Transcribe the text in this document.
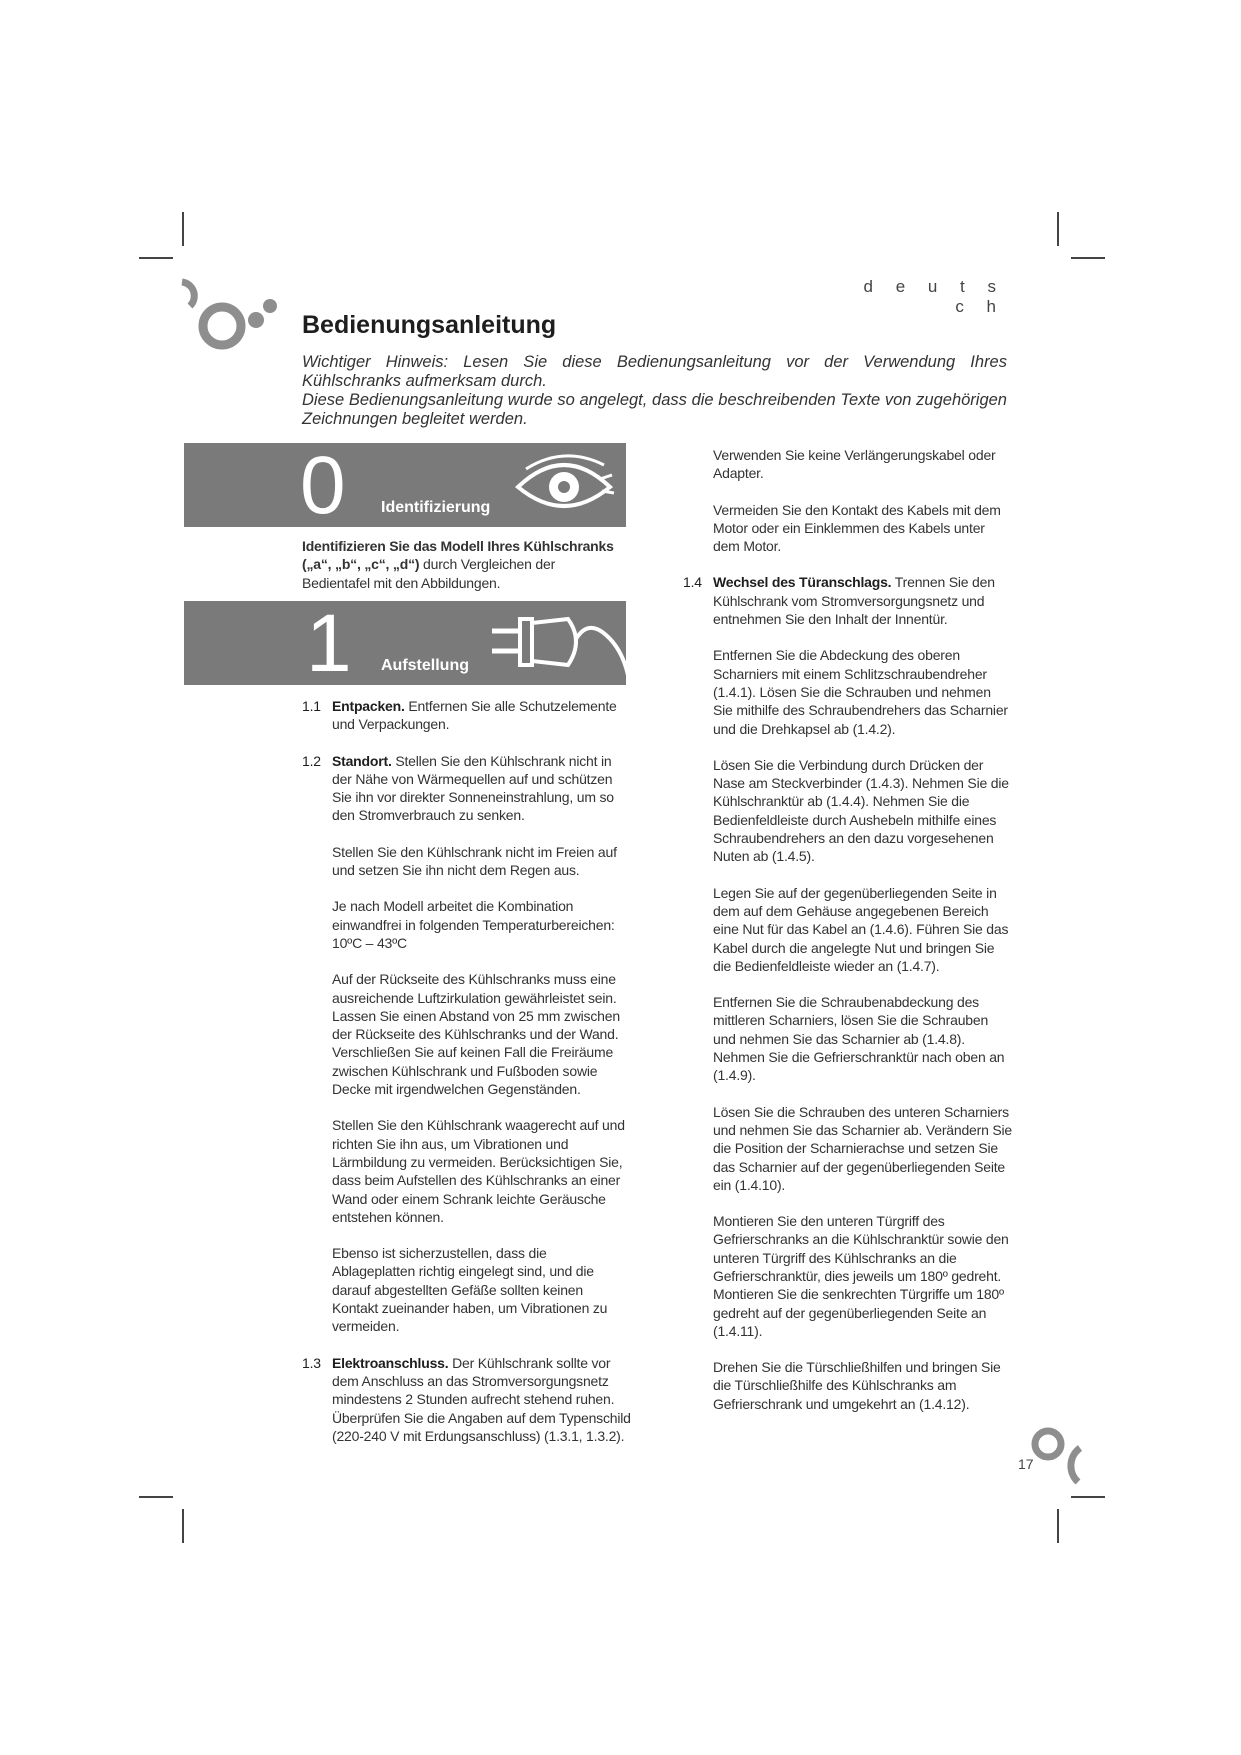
d e u t s c h
Bedienungsanleitung

Wichtiger Hinweis: Lesen Sie diese Bedienungsanleitung vor der Verwendung Ihres Kühlschranks aufmerksam durch.

Diese Bedienungsanleitung wurde so angelegt, dass die beschreibenden Texte von zugehörigen Zeichnungen begleitet werden.

0 Identifizierung

Identifizieren Sie das Modell Ihres Kühlschranks („a“, „b“, „c“, „d“) durch Vergleichen der Bedientafel mit den Abbildungen.

1 Aufstellung
1.1 Entpacken. Entfernen Sie alle Schutzelemente und Verpackungen.

1.2 Standort. Stellen Sie den Kühlschrank nicht in der Nähe von Wärmequellen auf und schützen Sie ihn vor direkter Sonneneinstrahlung, um so den Stromverbrauch zu senken.

Stellen Sie den Kühlschrank nicht im Freien auf und setzen Sie ihn nicht dem Regen aus.

Je nach Modell arbeitet die Kombination einwandfrei in folgenden Temperaturbereichen:

10ºC – 43ºC

Auf der Rückseite des Kühlschranks muss eine ausreichende Luftzirkulation gewährleistet sein. Lassen Sie einen Abstand von 25 mm zwischen der Rückseite des Kühlschranks und der Wand. Verschließen Sie auf keinen Fall die Freiräume zwischen Kühlschrank und Fußboden sowie Decke mit irgendwelchen Gegenständen.

Stellen Sie den Kühlschrank waagerecht auf und richten Sie ihn aus, um Vibrationen und Lärmbildung zu vermeiden. Berücksichtigen Sie, dass beim Aufstellen des Kühlschranks an einer Wand oder einem Schrank leichte Geräusche entstehen können.

Ebenso ist sicherzustellen, dass die Ablageplatten richtig eingelegt sind, und die darauf abgestellten Gefäße sollten keinen Kontakt zueinander haben, um Vibrationen zu vermeiden.

1.3 Elektroanschluss. Der Kühlschrank sollte vor dem Anschluss an das Stromversorgungsnetz mindestens 2 Stunden aufrecht stehend ruhen. Überprüfen Sie die Angaben auf dem Typenschild (220-240 V mit Erdungsanschluss) (1.3.1, 1.3.2).

Verwenden Sie keine Verlängerungskabel oder Adapter.

Vermeiden Sie den Kontakt des Kabels mit dem Motor oder ein Einklemmen des Kabels unter dem Motor.

1.4 Wechsel des Türanschlags. Trennen Sie den Kühlschrank vom Stromversorgungsnetz und entnehmen Sie den Inhalt der Innentür.

Entfernen Sie die Abdeckung des oberen Scharniers mit einem Schlitzschraubendreher (1.4.1). Lösen Sie die Schrauben und nehmen Sie mithilfe des Schraubendrehers das Scharnier und die Drehkapsel ab (1.4.2).

Lösen Sie die Verbindung durch Drücken der Nase am Steckverbinder (1.4.3). Nehmen Sie die Kühlschranktür ab (1.4.4). Nehmen Sie die Bedienfeldleiste durch Aushebeln mithilfe eines Schraubendrehers an den dazu vorgesehenen Nuten ab (1.4.5).

Legen Sie auf der gegenüberliegenden Seite in dem auf dem Gehäuse angegebenen Bereich eine Nut für das Kabel an (1.4.6). Führen Sie das Kabel durch die angelegte Nut und bringen Sie die Bedienfeldleiste wieder an (1.4.7).

Entfernen Sie die Schraubenabdeckung des mittleren Scharniers, lösen Sie die Schrauben und nehmen Sie das Scharnier ab (1.4.8). Nehmen Sie die Gefrierschranktür nach oben an (1.4.9).

Lösen Sie die Schrauben des unteren Scharniers und nehmen Sie das Scharnier ab. Verändern Sie die Position der Scharnierachse und setzen Sie das Scharnier auf der gegenüberliegenden Seite ein (1.4.10).

Montieren Sie den unteren Türgriff des Gefrierschranks an die Kühlschranktür sowie den unteren Türgriff des Kühlschranks an die Gefrierschranktür, dies jeweils um 180º gedreht. Montieren Sie die senkrechten Türgriffe um 180º gedreht auf der gegenüberliegenden Seite an (1.4.11).

Drehen Sie die Türschließhilfen und bringen Sie die Türschließhilfe des Kühlschranks am Gefrierschrank und umgekehrt an (1.4.12).

17
